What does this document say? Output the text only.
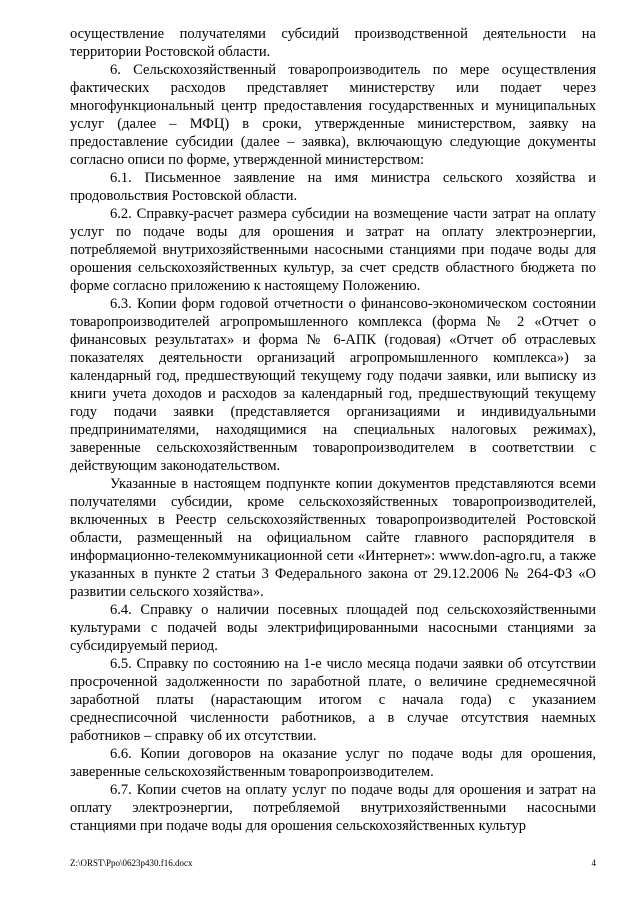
осуществление получателями субсидий производственной деятельности на территории Ростовской области.

6. Сельскохозяйственный товаропроизводитель по мере осуществления фактических расходов представляет министерству или подает через многофункциональный центр предоставления государственных и муниципальных услуг (далее – МФЦ) в сроки, утвержденные министерством, заявку на предоставление субсидии (далее – заявка), включающую следующие документы согласно описи по форме, утвержденной министерством:

6.1. Письменное заявление на имя министра сельского хозяйства и продовольствия Ростовской области.

6.2. Справку-расчет размера субсидии на возмещение части затрат на оплату услуг по подаче воды для орошения и затрат на оплату электроэнергии, потребляемой внутрихозяйственными насосными станциями при подаче воды для орошения сельскохозяйственных культур, за счет средств областного бюджета по форме согласно приложению к настоящему Положению.

6.3. Копии форм годовой отчетности о финансово-экономическом состоянии товаропроизводителей агропромышленного комплекса (форма № 2 «Отчет о финансовых результатах» и форма № 6-АПК (годовая) «Отчет об отраслевых показателях деятельности организаций агропромышленного комплекса») за календарный год, предшествующий текущему году подачи заявки, или выписку из книги учета доходов и расходов за календарный год, предшествующий текущему году подачи заявки (представляется организациями и индивидуальными предпринимателями, находящимися на специальных налоговых режимах), заверенные сельскохозяйственным товаропроизводителем в соответствии с действующим законодательством.

Указанные в настоящем подпункте копии документов представляются всеми получателями субсидии, кроме сельскохозяйственных товаропроизводителей, включенных в Реестр сельскохозяйственных товаропроизводителей Ростовской области, размещенный на официальном сайте главного распорядителя в информационно-телекоммуникационной сети «Интернет»: www.don-agro.ru, а также указанных в пункте 2 статьи 3 Федерального закона от 29.12.2006 № 264-ФЗ «О развитии сельского хозяйства».

6.4. Справку о наличии посевных площадей под сельскохозяйственными культурами с подачей воды электрифицированными насосными станциями за субсидируемый период.

6.5. Справку по состоянию на 1-е число месяца подачи заявки об отсутствии просроченной задолженности по заработной плате, о величине среднемесячной заработной платы (нарастающим итогом с начала года) с указанием среднесписочной численности работников, а в случае отсутствия наемных работников – справку об их отсутствии.

6.6. Копии договоров на оказание услуг по подаче воды для орошения, заверенные сельскохозяйственным товаропроизводителем.

6.7. Копии счетов на оплату услуг по подаче воды для орошения и затрат на оплату электроэнергии, потребляемой внутрихозяйственными насосными станциями при подаче воды для орошения сельскохозяйственных культур

Z:\ORST\Ppo\0623p430.f16.docx	4
